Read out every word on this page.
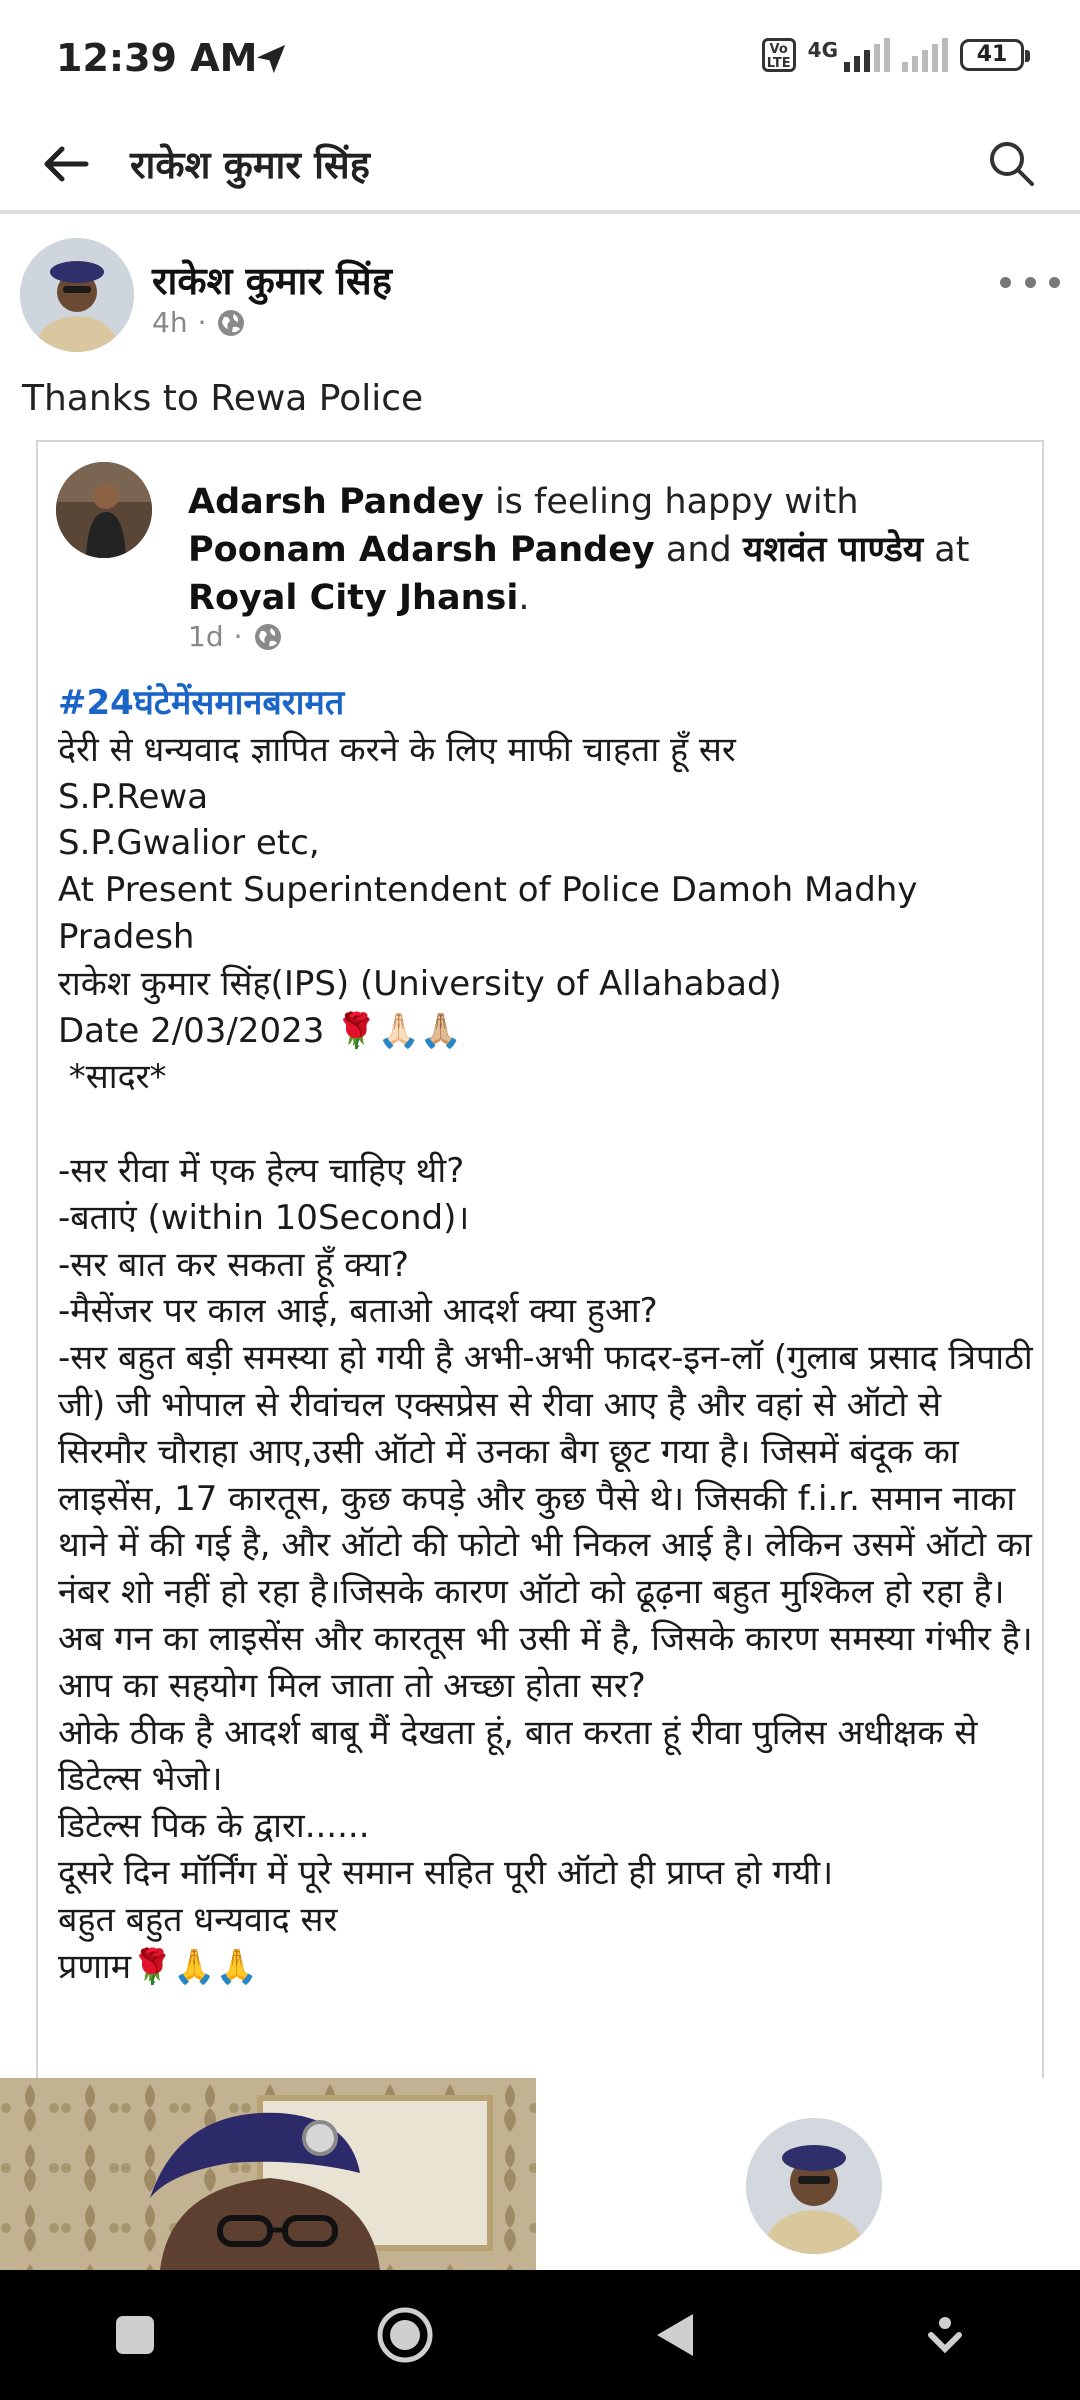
12:39 AM	Vo LTE
4G	41
राकेश कुमार सिंह
राकेश कुमार सिंह
4h ·
Thanks to Rewa Police
Adarsh Pandey is feeling happy with Poonam Adarsh Pandey and यशवंत पाण्डेय at Royal City Jhansi.
1d ·
#24घंटेमेंसमानबरामत
देरी से धन्यवाद ज्ञापित करने के लिए माफी चाहता हूँ सर
S.P.Rewa
S.P.Gwalior etc,
At Present Superintendent of Police Damoh Madhy Pradesh
राकेश कुमार सिंह(IPS) (University of Allahabad)
Date 2/03/2023 🌹🙏🏻🙏🏼
*सादर*
-सर रीवा में एक हेल्प चाहिए थी?
-बताएं (within 10Second)।
-सर बात कर सकता हूँ क्या?
-मैसेंजर पर काल आई, बताओ आदर्श क्या हुआ?
-सर बहुत बड़ी समस्या हो गयी है अभी-अभी फादर-इन-लॉ (गुलाब प्रसाद त्रिपाठी जी) जी भोपाल से रीवांचल एक्सप्रेस से रीवा आए है और वहां से ऑटो से सिरमौर चौराहा आए,उसी ऑटो में उनका बैग छूट गया है। जिसमें बंदूक का लाइसेंस, 17 कारतूस, कुछ कपड़े और कुछ पैसे थे। जिसकी f.i.r. समान नाका थाने में की गई है, और ऑटो की फोटो भी निकल आई है। लेकिन उसमें ऑटो का नंबर शो नहीं हो रहा है।जिसके कारण ऑटो को ढूढ़ना बहुत मुश्किल हो रहा है।अब गन का लाइसेंस और कारतूस भी उसी में है, जिसके कारण समस्या गंभीर है।आप का सहयोग मिल जाता तो अच्छा होता सर?
ओके ठीक है आदर्श बाबू मैं देखता हूं, बात करता हूं रीवा पुलिस अधीक्षक से डिटेल्स भेजो।
डिटेल्स पिक के द्वारा......
दूसरे दिन मॉर्निंग में पूरे समान सहित पूरी ऑटो ही प्राप्त हो गयी।
बहुत बहुत धन्यवाद सर
प्रणाम🌹🙏🙏
